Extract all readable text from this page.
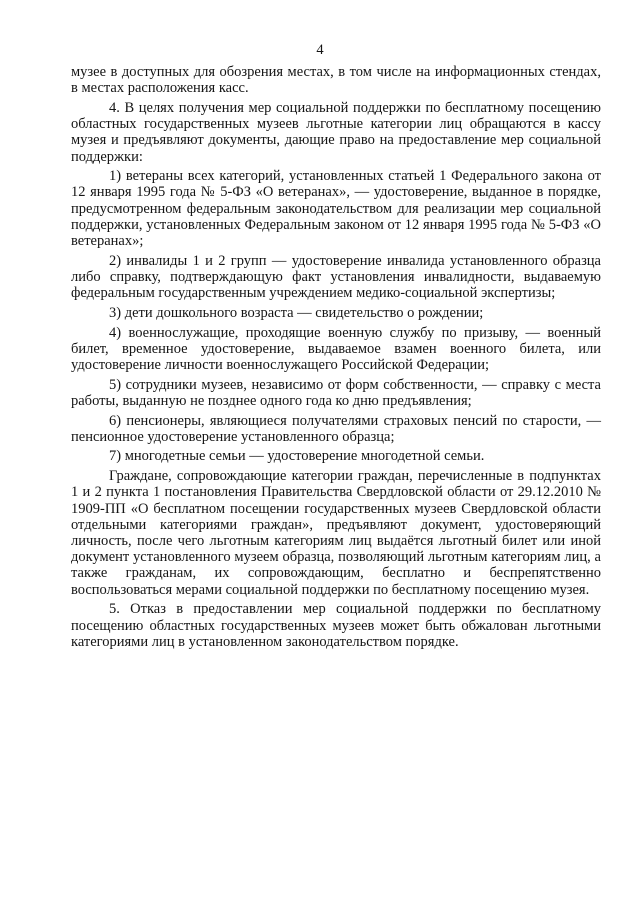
4

музее в доступных для обозрения местах, в том числе на информационных стендах, в местах расположения касс.

4. В целях получения мер социальной поддержки по бесплатному посещению областных государственных музеев льготные категории лиц обращаются в кассу музея и предъявляют документы, дающие право на предоставление мер социальной поддержки:

1) ветераны всех категорий, установленных статьей 1 Федерального закона от 12 января 1995 года № 5-ФЗ «О ветеранах», — удостоверение, выданное в порядке, предусмотренном федеральным законодательством для реализации мер социальной поддержки, установленных Федеральным законом от 12 января 1995 года № 5-ФЗ «О ветеранах»;

2) инвалиды 1 и 2 групп — удостоверение инвалида установленного образца либо справку, подтверждающую факт установления инвалидности, выдаваемую федеральным государственным учреждением медико-социальной экспертизы;

3) дети дошкольного возраста — свидетельство о рождении;

4) военнослужащие, проходящие военную службу по призыву, — военный билет, временное удостоверение, выдаваемое взамен военного билета, или удостоверение личности военнослужащего Российской Федерации;

5) сотрудники музеев, независимо от форм собственности, — справку с места работы, выданную не позднее одного года ко дню предъявления;

6) пенсионеры, являющиеся получателями страховых пенсий по старости, — пенсионное удостоверение установленного образца;

7) многодетные семьи — удостоверение многодетной семьи.

Граждане, сопровождающие категории граждан, перечисленные в подпунктах 1 и 2 пункта 1 постановления Правительства Свердловской области от 29.12.2010 № 1909-ПП «О бесплатном посещении государственных музеев Свердловской области отдельными категориями граждан», предъявляют документ, удостоверяющий личность, после чего льготным категориям лиц выдаётся льготный билет или иной документ установленного музеем образца, позволяющий льготным категориям лиц, а также гражданам, их сопровождающим, бесплатно и беспрепятственно воспользоваться мерами социальной поддержки по бесплатному посещению музея.

5. Отказ в предоставлении мер социальной поддержки по бесплатному посещению областных государственных музеев может быть обжалован льготными категориями лиц в установленном законодательством порядке.
